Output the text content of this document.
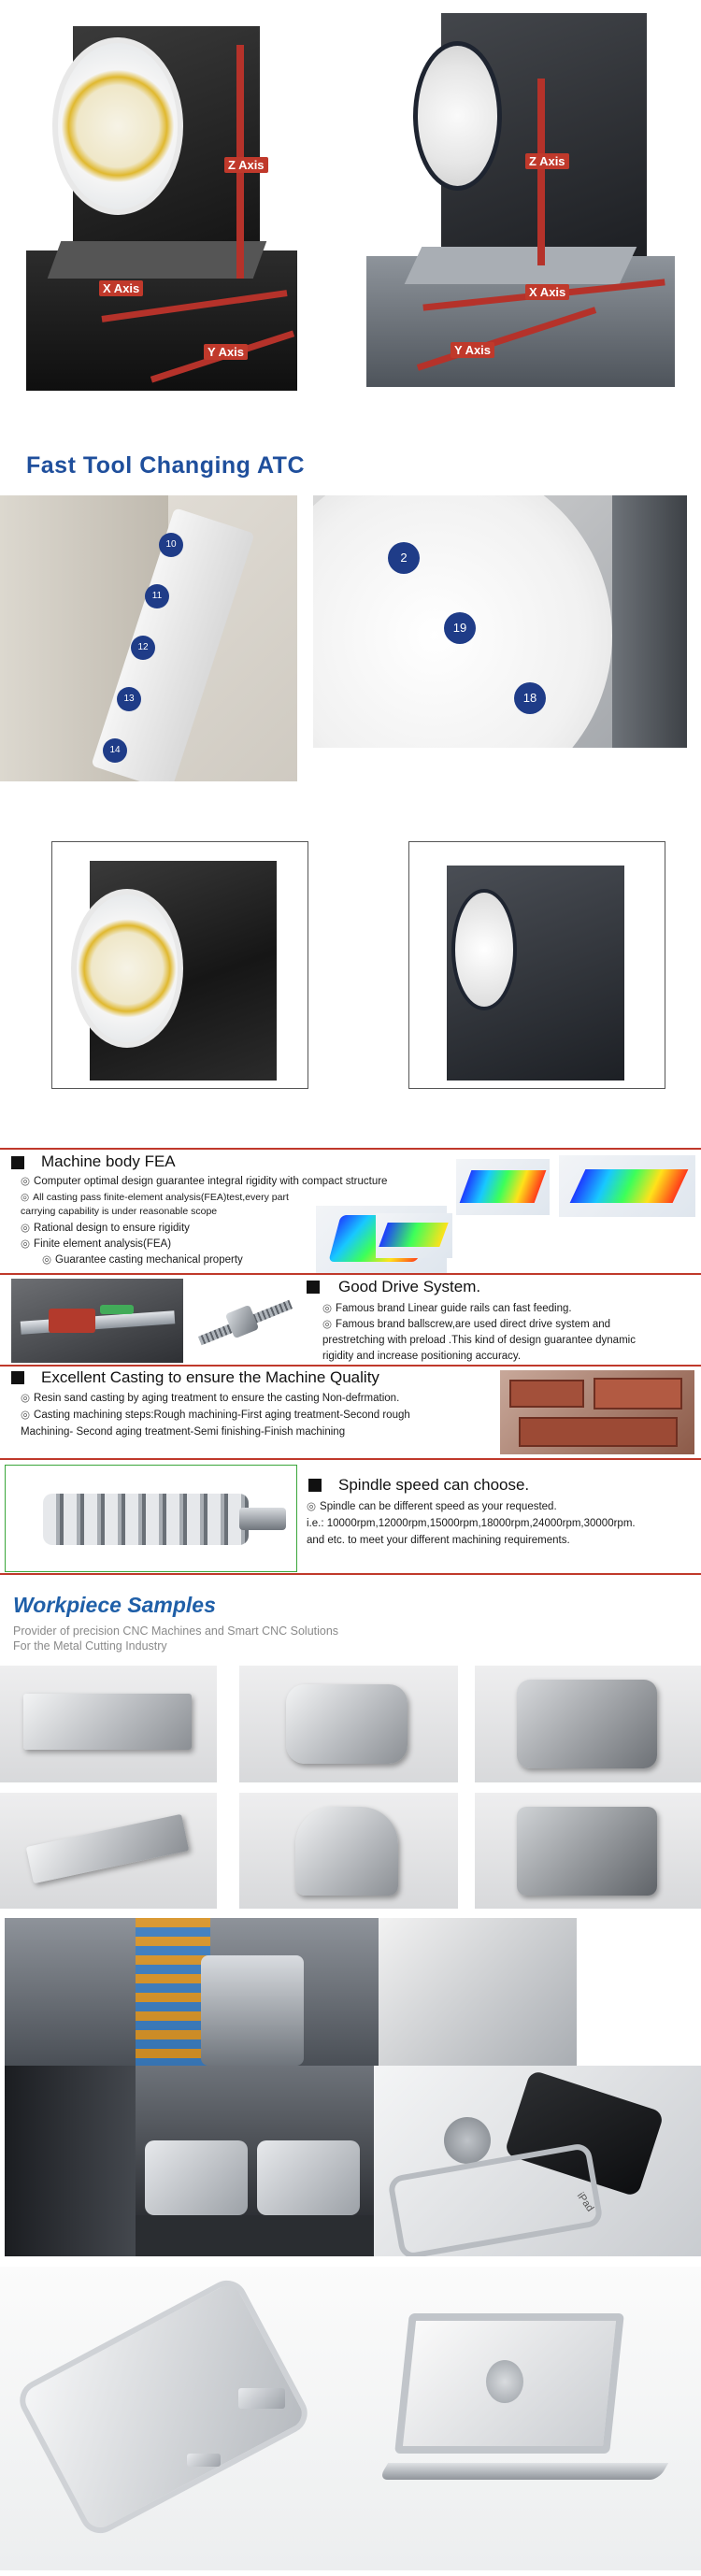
Z Axis
X Axis
Y Axis
Z Axis
X Axis
Y Axis
Fast Tool Changing ATC
10
11
12
13
14
2
19
18
Machine body FEA
◎ Computer optimal design guarantee integral rigidity with compact structure
◎ All casting pass finite-element analysis(FEA)test,every part
carrying capability is under reasonable scope
◎ Rational design to ensure rigidity
◎ Finite element analysis(FEA)
◎ Guarantee casting mechanical property
Good Drive System.
◎ Famous brand Linear guide rails can fast feeding.
◎ Famous brand ballscrew,are used direct drive system and
prestretching with preload .This kind of design guarantee dynamic
rigidity and increase positioning accuracy.
Excellent Casting to ensure the Machine Quality
◎ Resin sand casting by aging treatment to ensure the casting Non-defrmation.
◎ Casting machining steps:Rough machining-First aging treatment-Second rough
Machining- Second aging treatment-Semi finishing-Finish machining
Spindle speed can choose.
◎ Spindle can be different speed as your requested.
i.e.: 10000rpm,12000rpm,15000rpm,18000rpm,24000rpm,30000rpm.
and etc. to meet your different machining requirements.
Workpiece Samples
Provider of precision CNC Machines and Smart CNC Solutions
For the Metal Cutting Industry
iPad
